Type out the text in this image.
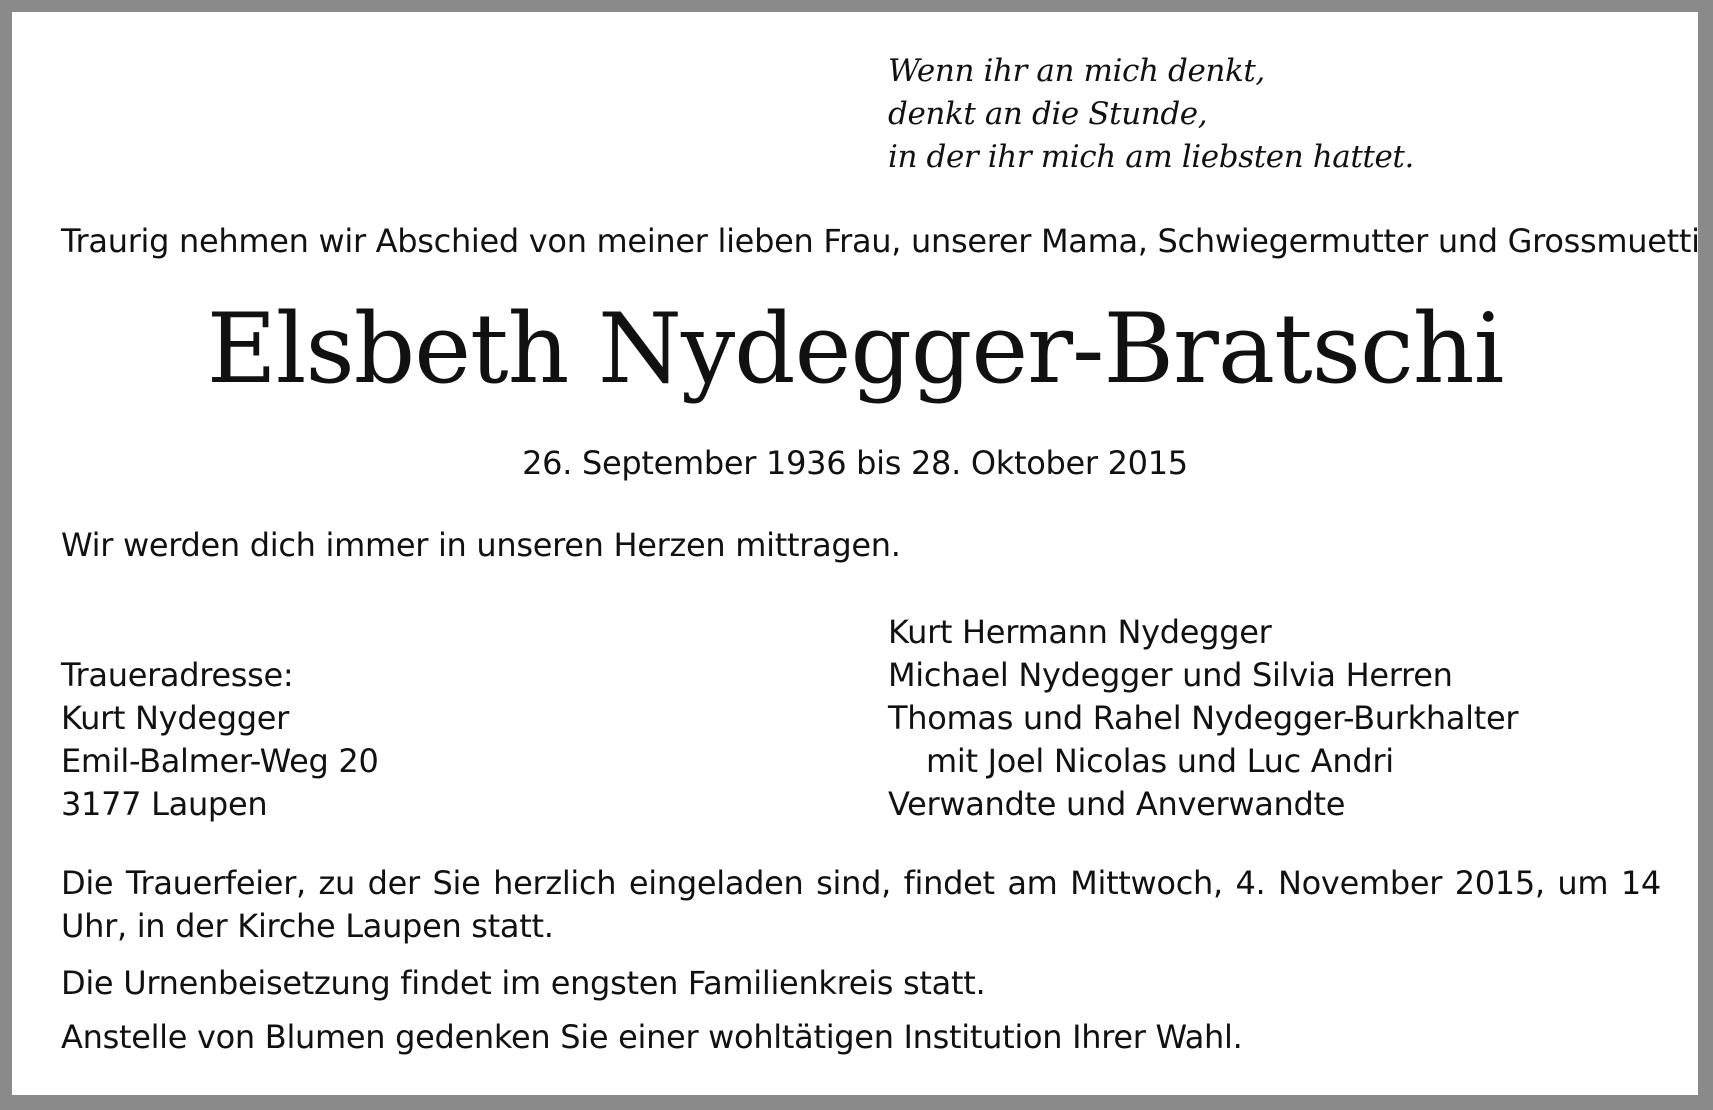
Wenn ihr an mich denkt,
denkt an die Stunde,
in der ihr mich am liebsten hattet.
Traurig nehmen wir Abschied von meiner lieben Frau, unserer Mama, Schwiegermutter und Grossmuetti
Elsbeth Nydegger-Bratschi
26. September 1936 bis 28. Oktober 2015
Wir werden dich immer in unseren Herzen mittragen.
Traueradresse:
Kurt Nydegger
Emil-Balmer-Weg 20
3177 Laupen
Kurt Hermann Nydegger
Michael Nydegger und Silvia Herren
Thomas und Rahel Nydegger-Burkhalter
mit Joel Nicolas und Luc Andri
Verwandte und Anverwandte
Die Trauerfeier, zu der Sie herzlich eingeladen sind, findet am Mittwoch, 4. November 2015, um 14 Uhr, in der Kirche Laupen statt.
Die Urnenbeisetzung findet im engsten Familienkreis statt.
Anstelle von Blumen gedenken Sie einer wohltätigen Institution Ihrer Wahl.
